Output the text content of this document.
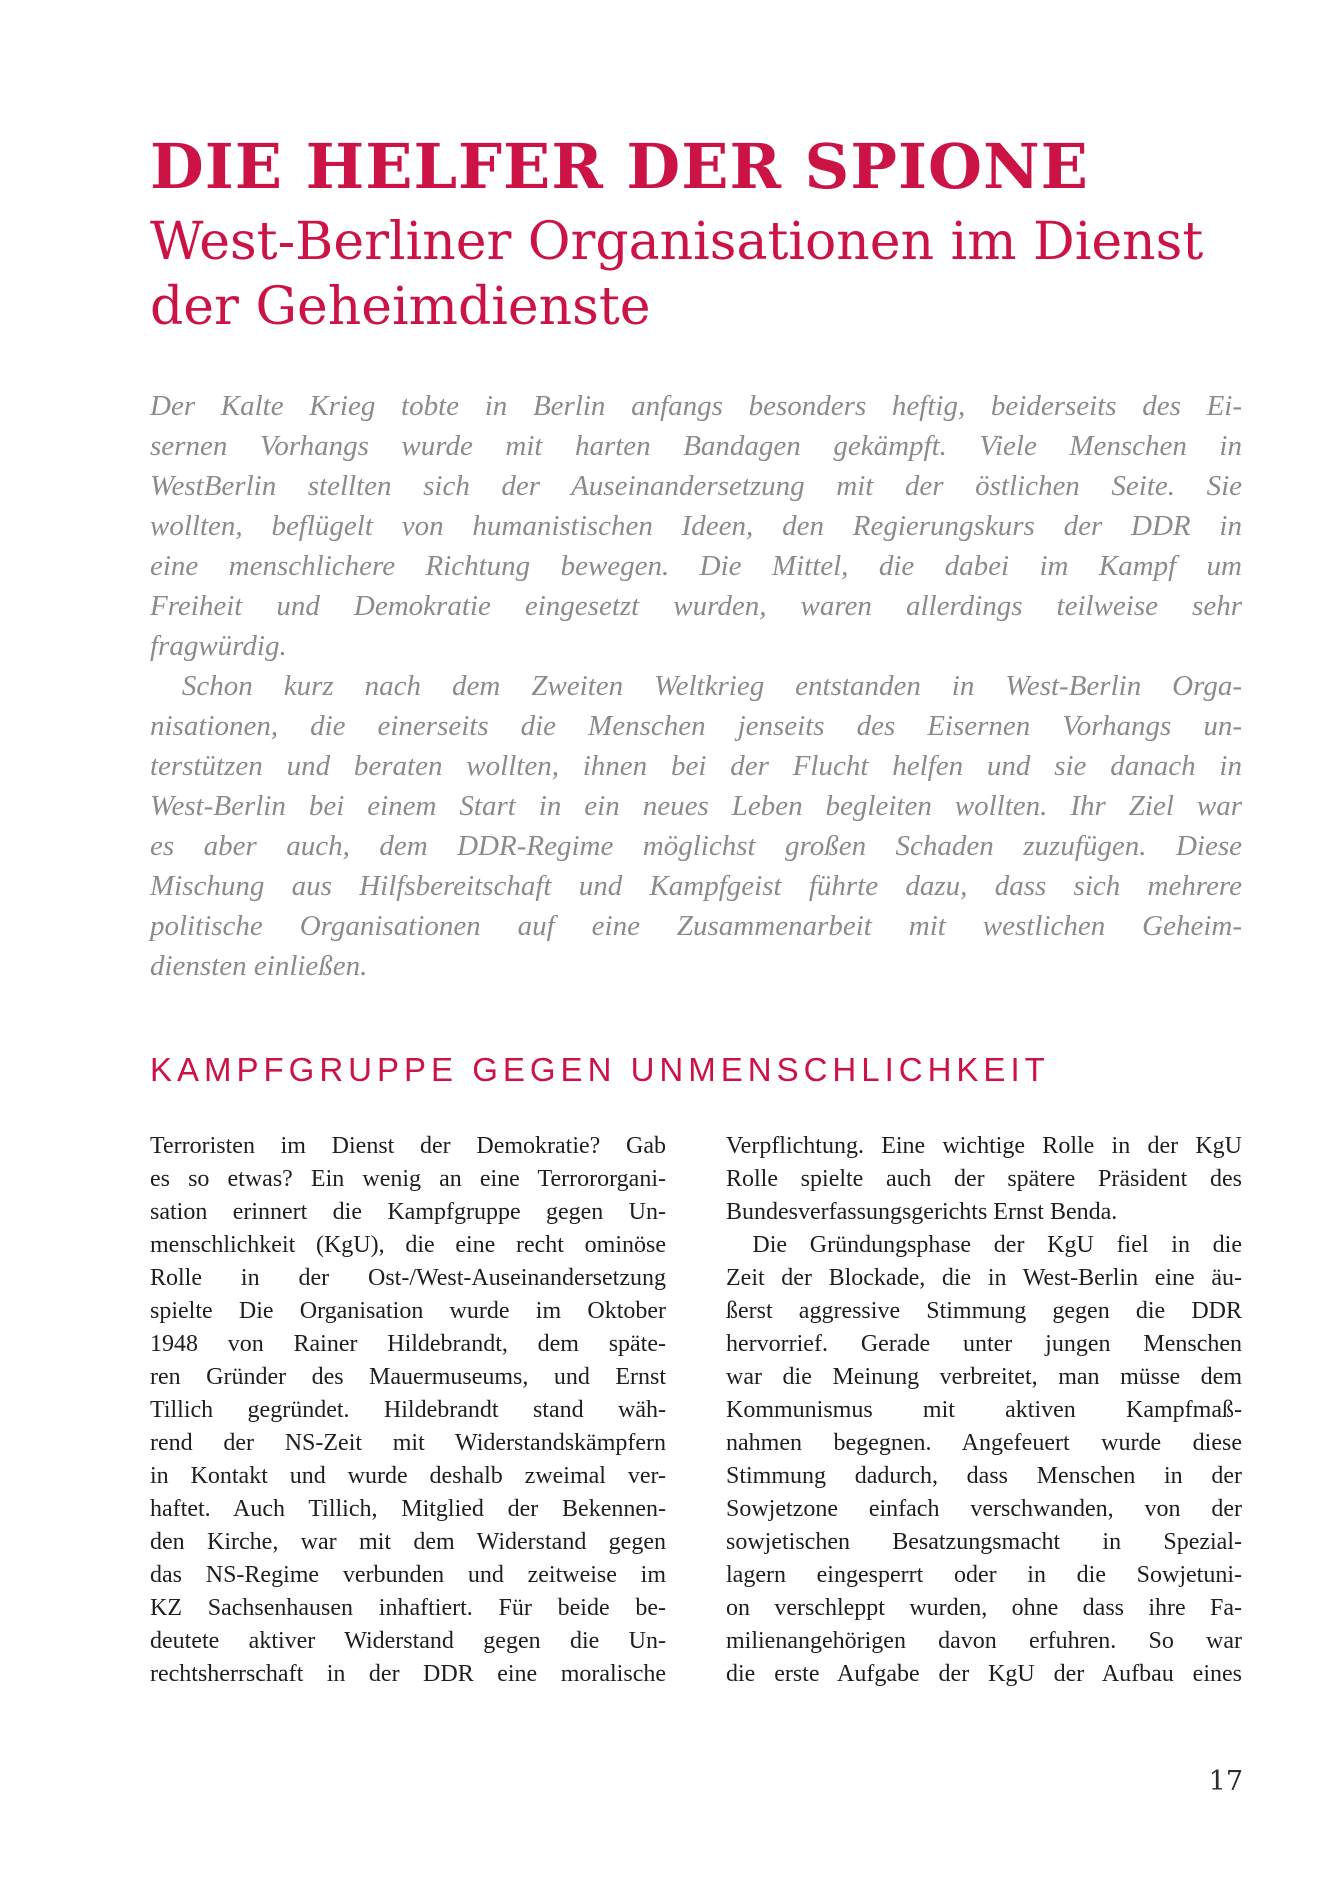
DIE HELFER DER SPIONE
West-Berliner Organisationen im Dienst
der Geheimdienste
Der Kalte Krieg tobte in Berlin anfangs besonders heftig, beiderseits des Ei-
sernen Vorhangs wurde mit harten Bandagen gekämpft. Viele Menschen in
WestBerlin stellten sich der Auseinandersetzung mit der östlichen Seite. Sie
wollten, beflügelt von humanistischen Ideen, den Regierungskurs der DDR in
eine menschlichere Richtung bewegen. Die Mittel, die dabei im Kampf um
Freiheit und Demokratie eingesetzt wurden, waren allerdings teilweise sehr
fragwürdig.
Schon kurz nach dem Zweiten Weltkrieg entstanden in West-Berlin Orga-
nisationen, die einerseits die Menschen jenseits des Eisernen Vorhangs un-
terstützen und beraten wollten, ihnen bei der Flucht helfen und sie danach in
West-Berlin bei einem Start in ein neues Leben begleiten wollten. Ihr Ziel war
es aber auch, dem DDR-Regime möglichst großen Schaden zuzufügen. Diese
Mischung aus Hilfsbereitschaft und Kampfgeist führte dazu, dass sich mehrere
politische Organisationen auf eine Zusammenarbeit mit westlichen Geheim-
diensten einließen.
KAMPFGRUPPE GEGEN UNMENSCHLICHKEIT
Terroristen im Dienst der Demokratie? Gab
es so etwas? Ein wenig an eine Terrororgani-
sation erinnert die Kampfgruppe gegen Un-
menschlichkeit (KgU), die eine recht ominöse
Rolle in der Ost-/West-Auseinandersetzung
spielte Die Organisation wurde im Oktober
1948 von Rainer Hildebrandt, dem späte-
ren Gründer des Mauermuseums, und Ernst
Tillich gegründet. Hildebrandt stand wäh-
rend der NS-Zeit mit Widerstandskämpfern
in Kontakt und wurde deshalb zweimal ver-
haftet. Auch Tillich, Mitglied der Bekennen-
den Kirche, war mit dem Widerstand gegen
das NS-Regime verbunden und zeitweise im
KZ Sachsenhausen inhaftiert. Für beide be-
deutete aktiver Widerstand gegen die Un-
rechtsherrschaft in der DDR eine moralische
Verpflichtung. Eine wichtige Rolle in der KgU
Rolle spielte auch der spätere Präsident des
Bundesverfassungsgerichts Ernst Benda.
Die Gründungsphase der KgU fiel in die
Zeit der Blockade, die in West-Berlin eine äu-
ßerst aggressive Stimmung gegen die DDR
hervorrief. Gerade unter jungen Menschen
war die Meinung verbreitet, man müsse dem
Kommunismus mit aktiven Kampfmaß-
nahmen begegnen. Angefeuert wurde diese
Stimmung dadurch, dass Menschen in der
Sowjetzone einfach verschwanden, von der
sowjetischen Besatzungsmacht in Spezial-
lagern eingesperrt oder in die Sowjetuni-
on verschleppt wurden, ohne dass ihre Fa-
milienangehörigen davon erfuhren. So war
die erste Aufgabe der KgU der Aufbau eines
17
